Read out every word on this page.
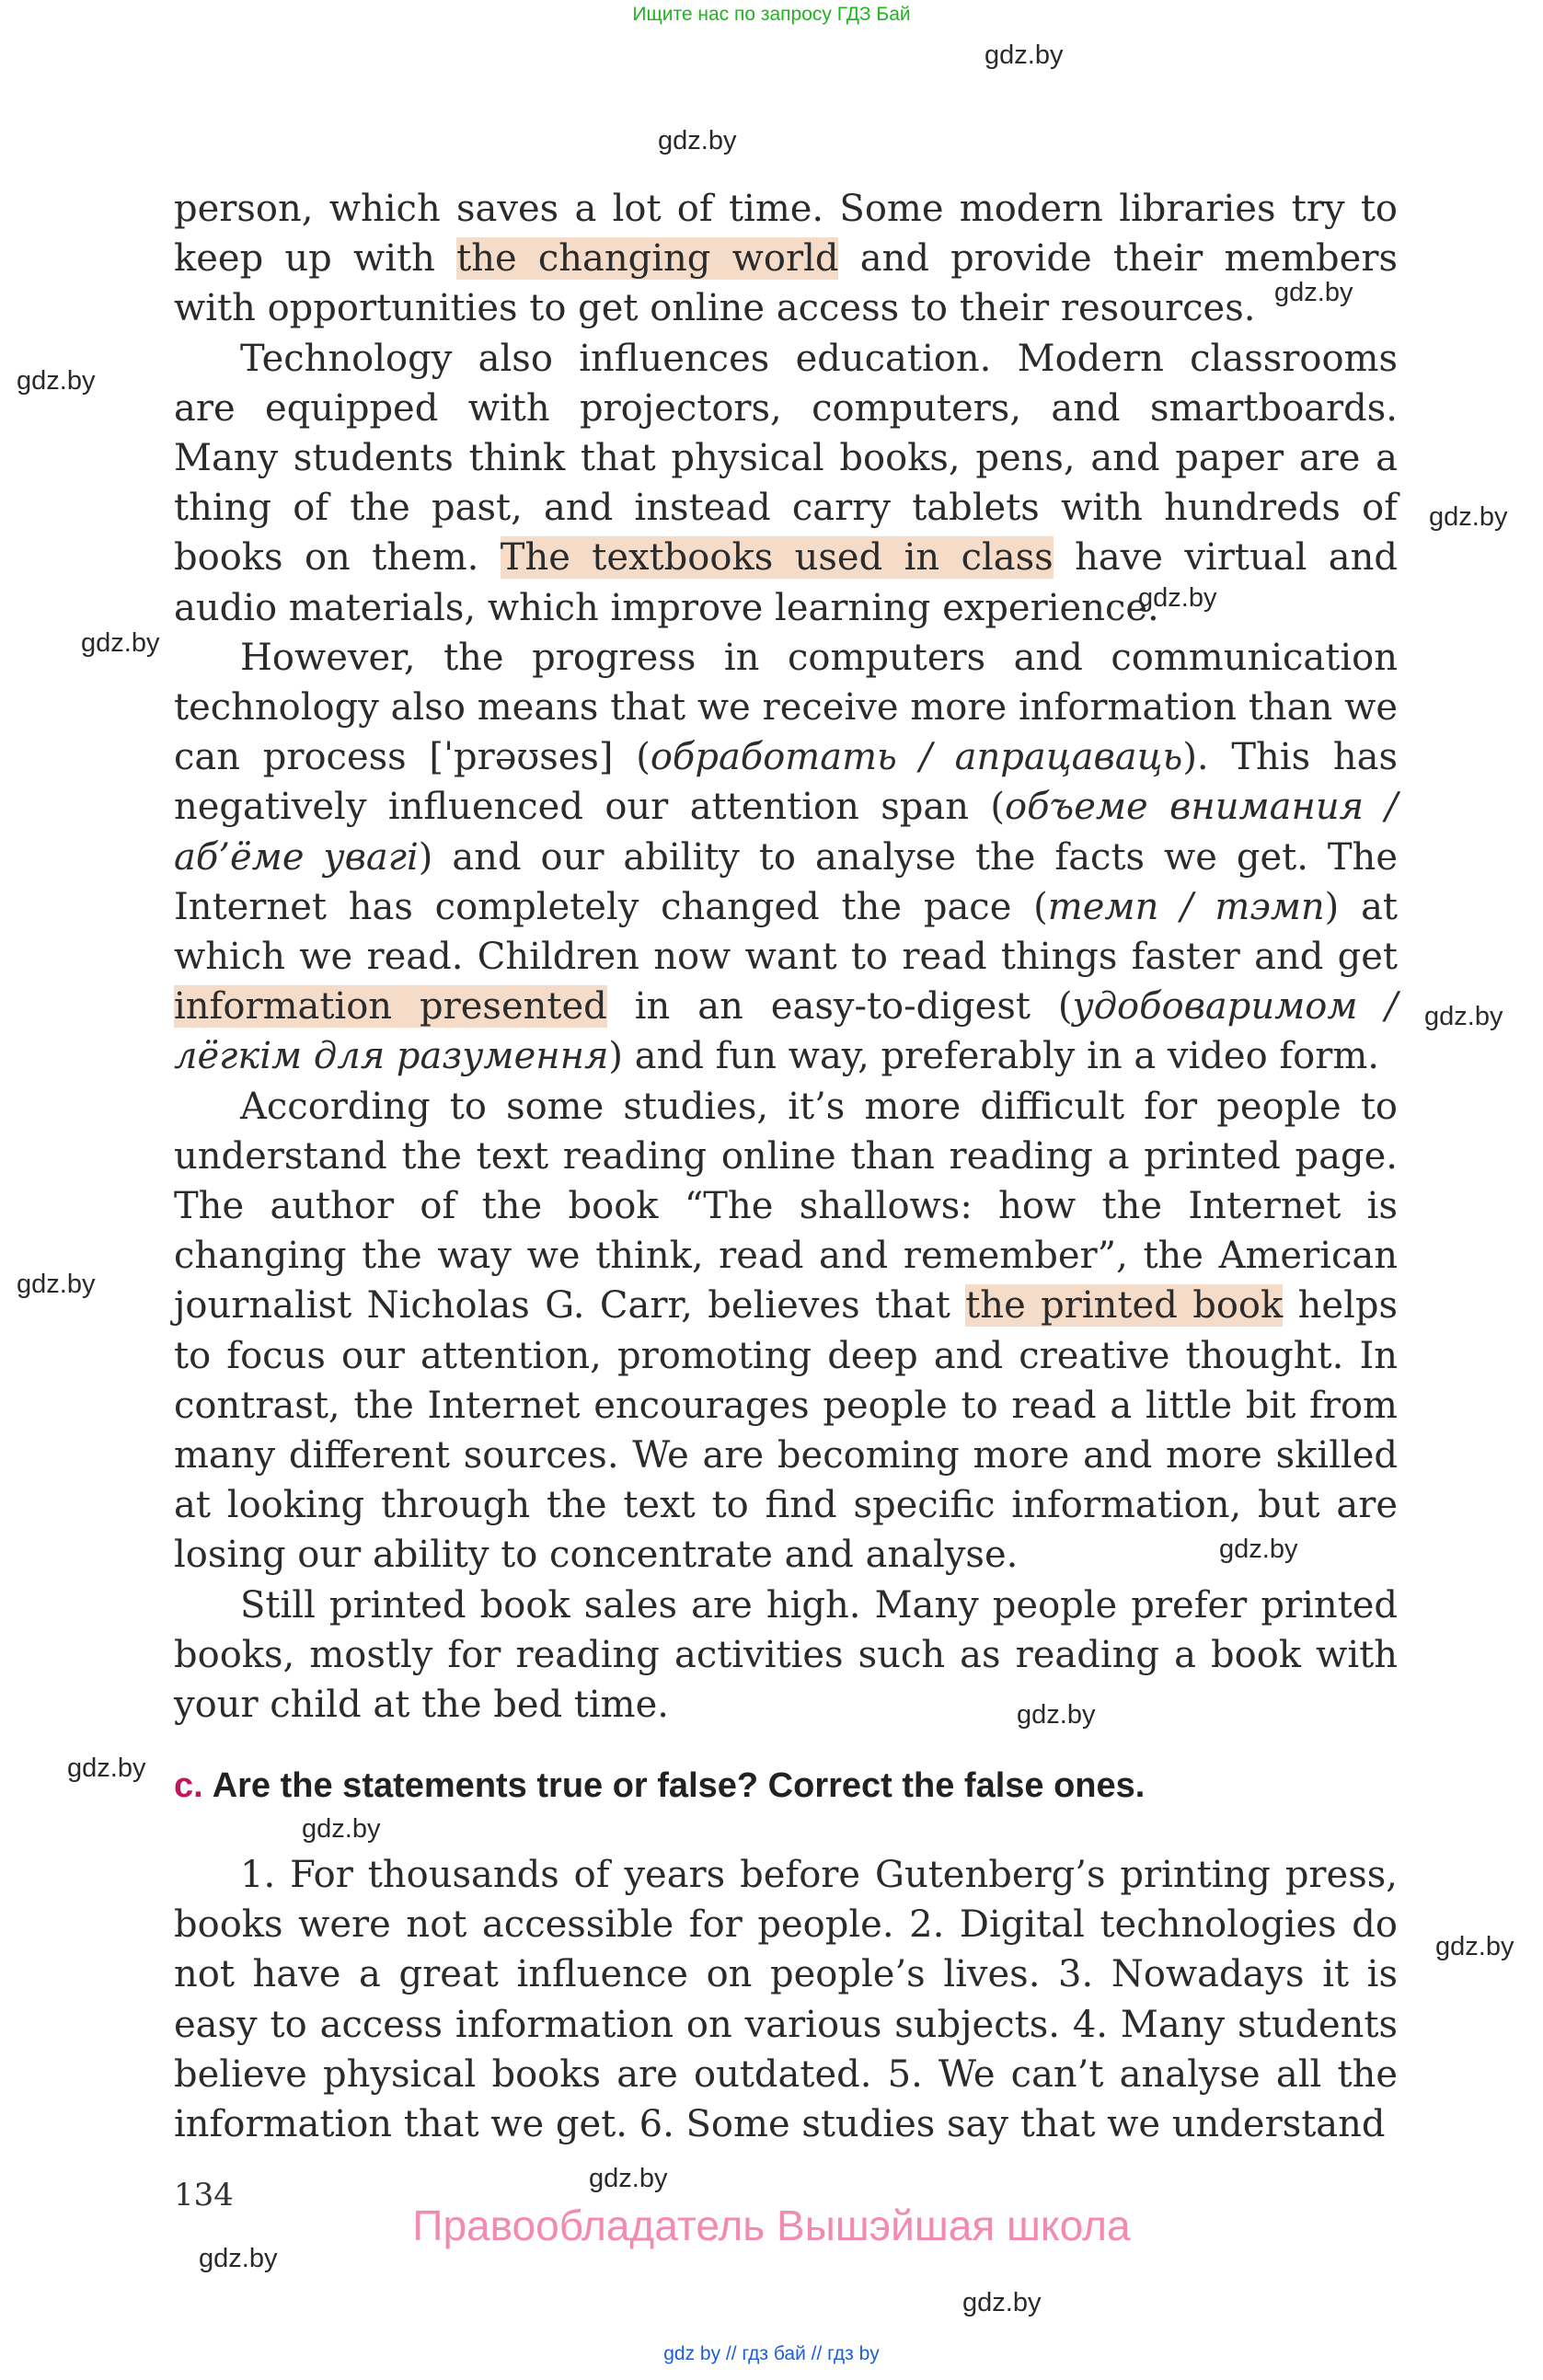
Ищите нас по запросу ГДЗ Бай
gdz.by
gdz.by
gdz.by
gdz.by
gdz.by
gdz.by
gdz.by
gdz.by
gdz.by
gdz.by
gdz.by
gdz.by
gdz.by
gdz.by
gdz.by
gdz.by
gdz.by

person, which saves a lot of time. Some modern libraries try to keep up with the changing world and provide their members with opportunities to get online access to their resources.

Technology also influences education. Modern classrooms are equipped with projectors, computers, and smartboards. Many students think that physical books, pens, and paper are a thing of the past, and instead carry tablets with hundreds of books on them. The textbooks used in class have virtual and audio materials, which improve learning experience.

However, the progress in computers and communication technology also means that we receive more information than we can process [ˈprəʊses] (обработать / апрацаваць). This has negatively influenced our attention span (объеме внимания / аб’ёме увагі) and our ability to analyse the facts we get. The Internet has completely changed the pace (темп / тэмп) at which we read. Children now want to read things faster and get information presented in an easy-to-digest (удобоваримом / лёгкім для разумення) and fun way, preferably in a video form.

According to some studies, it’s more difficult for people to understand the text reading online than reading a printed page. The author of the book “The shallows: how the Internet is changing the way we think, read and remember”, the American journalist Nicholas G. Carr, believes that the printed book helps to focus our attention, promoting deep and creative thought. In contrast, the Internet encourages people to read a little bit from many different sources. We are becoming more and more skilled at looking through the text to find specific information, but are losing our ability to concentrate and analyse.

Still printed book sales are high. Many people prefer printed books, mostly for reading activities such as reading a book with your child at the bed time.

c. Are the statements true or false? Correct the false ones.

1. For thousands of years before Gutenberg’s printing press, books were not accessible for people. 2. Digital technologies do not have a great influence on people’s lives. 3. Nowadays it is easy to access information on various subjects. 4. Many students believe physical books are outdated. 5. We can’t analyse all the information that we get. 6. Some studies say that we understand

134
Правообладатель Вышэйшая школа
gdz by // гдз бай // гдз by
